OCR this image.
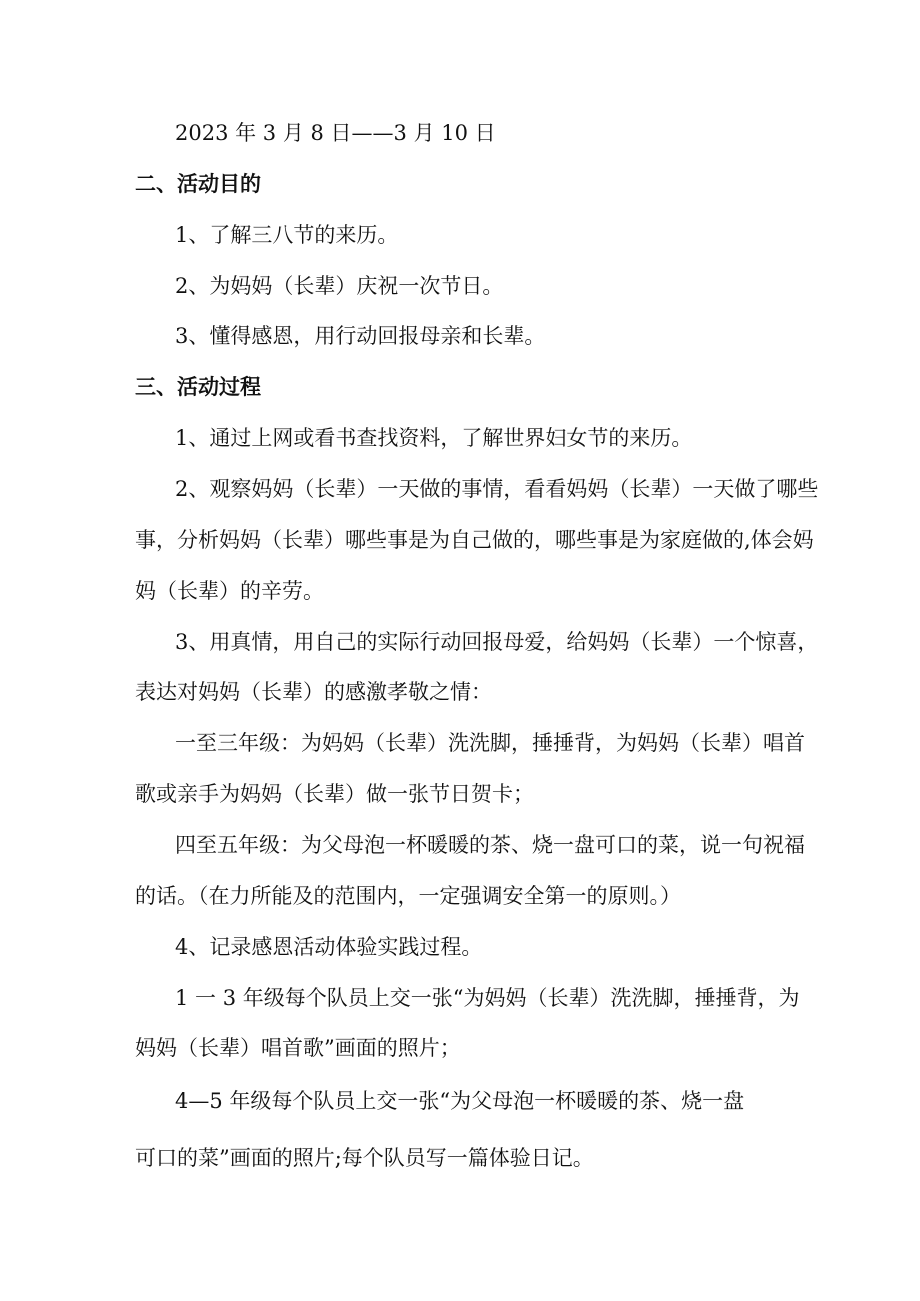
2023 年 3 月 8 日——3 月 10 日

二、活动目的

1、了解三八节的来历。

2、为妈妈（长辈）庆祝一次节日。

3、懂得感恩，用行动回报母亲和长辈。

三、活动过程

1、通过上网或看书查找资料，了解世界妇女节的来历。

2、观察妈妈（长辈）一天做的事情，看看妈妈（长辈）一天做了哪些

事，分析妈妈（长辈）哪些事是为自己做的，哪些事是为家庭做的,体会妈

妈（长辈）的辛劳。

3、用真情，用自己的实际行动回报母爱，给妈妈（长辈）一个惊喜，

表达对妈妈（长辈）的感激孝敬之情：

一至三年级：为妈妈（长辈）洗洗脚，捶捶背，为妈妈（长辈）唱首

歌或亲手为妈妈（长辈）做一张节日贺卡；

四至五年级：为父母泡一杯暖暖的茶、烧一盘可口的菜，说一句祝福

的话。（在力所能及的范围内，一定强调安全第一的原则。）

4、记录感恩活动体验实践过程。

1 一 3 年级每个队员上交一张“为妈妈（长辈）洗洗脚，捶捶背，为

妈妈（长辈）唱首歌”画面的照片；

4—5 年级每个队员上交一张“为父母泡一杯暖暖的茶、烧一盘

可口的菜”画面的照片;每个队员写一篇体验日记。
